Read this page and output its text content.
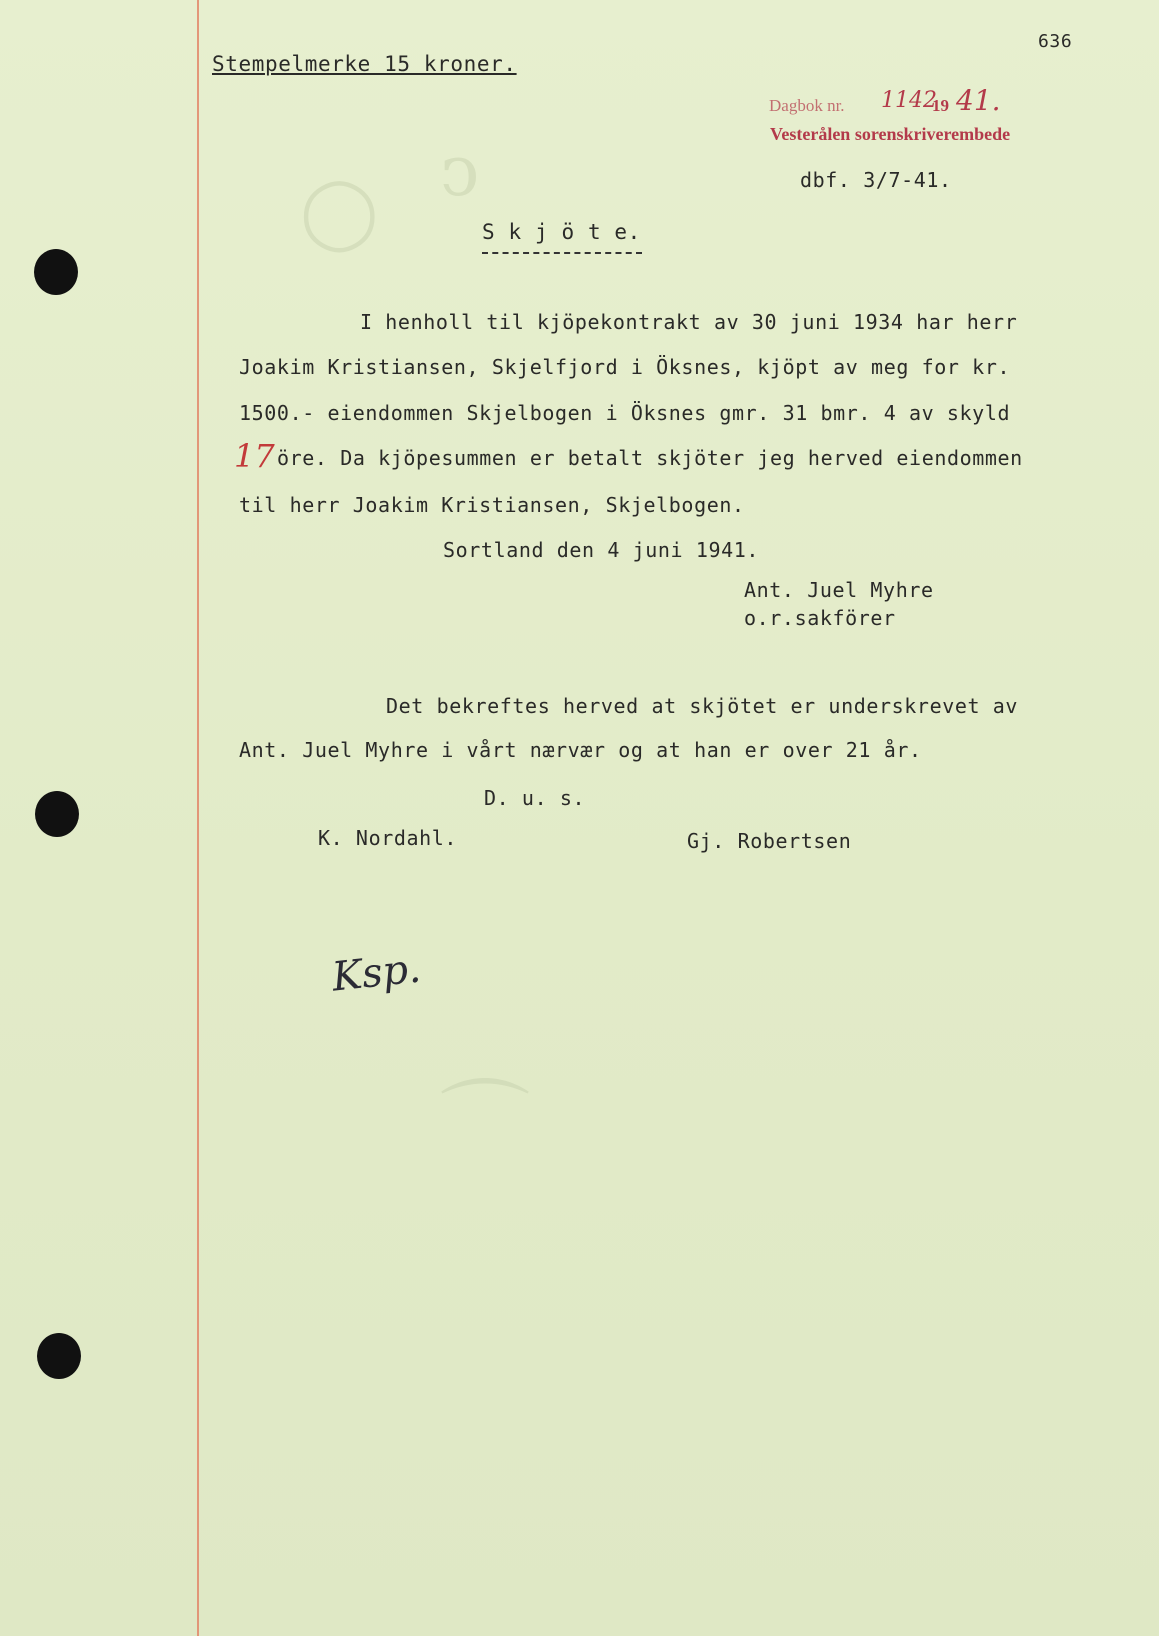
ↄ
◯
⌒
636
Stempelmerke 15 kroner.
Dagbok nr. 1142
19 41.
Vesterålen sorenskriverembede
dbf. 3/7-41.
S k j ö t e.
I henholl til kjöpekontrakt av 30 juni 1934 har herr
Joakim Kristiansen, Skjelfjord i Öksnes, kjöpt av meg for kr.
1500.- eiendommen Skjelbogen i Öksnes gmr. 31 bmr. 4 av skyld
17 öre. Da kjöpesummen er betalt skjöter jeg herved eiendommen
til herr Joakim Kristiansen, Skjelbogen.
Sortland den 4 juni 1941.
Ant. Juel Myhre
o.r.sakförer
Det bekreftes herved at skjötet er underskrevet av
Ant. Juel Myhre i vårt nærvær og at han er over 21 år.
D. u. s.
K. Nordahl.	Gj. Robertsen
Ksp.
